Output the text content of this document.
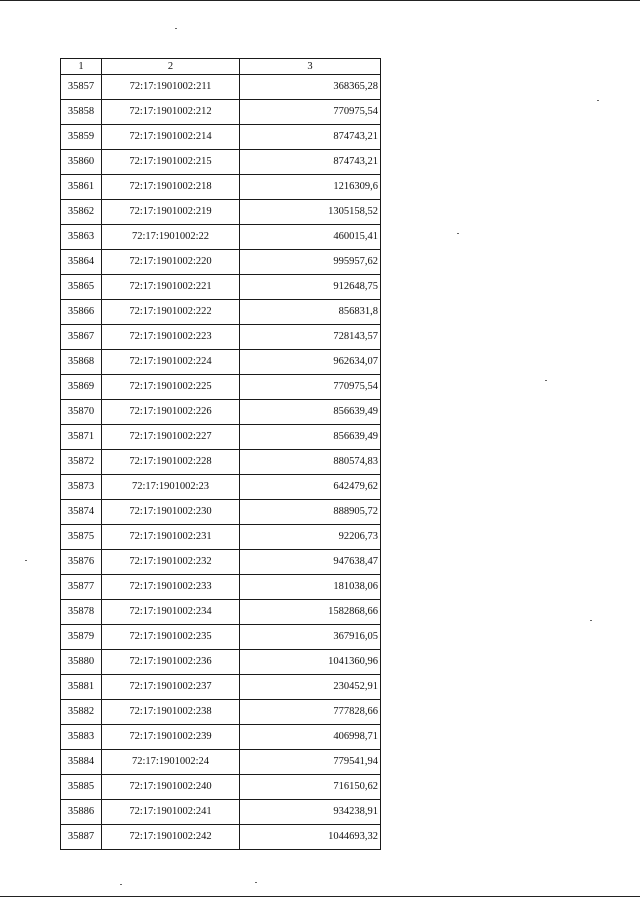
1	2	3
35857	72:17:1901002:211	368365,28
35858	72:17:1901002:212	770975,54
35859	72:17:1901002:214	874743,21
35860	72:17:1901002:215	874743,21
35861	72:17:1901002:218	1216309,6
35862	72:17:1901002:219	1305158,52
35863	72:17:1901002:22	460015,41
35864	72:17:1901002:220	995957,62
35865	72:17:1901002:221	912648,75
35866	72:17:1901002:222	856831,8
35867	72:17:1901002:223	728143,57
35868	72:17:1901002:224	962634,07
35869	72:17:1901002:225	770975,54
35870	72:17:1901002:226	856639,49
35871	72:17:1901002:227	856639,49
35872	72:17:1901002:228	880574,83
35873	72:17:1901002:23	642479,62
35874	72:17:1901002:230	888905,72
35875	72:17:1901002:231	92206,73
35876	72:17:1901002:232	947638,47
35877	72:17:1901002:233	181038,06
35878	72:17:1901002:234	1582868,66
35879	72:17:1901002:235	367916,05
35880	72:17:1901002:236	1041360,96
35881	72:17:1901002:237	230452,91
35882	72:17:1901002:238	777828,66
35883	72:17:1901002:239	406998,71
35884	72:17:1901002:24	779541,94
35885	72:17:1901002:240	716150,62
35886	72:17:1901002:241	934238,91
35887	72:17:1901002:242	1044693,32
